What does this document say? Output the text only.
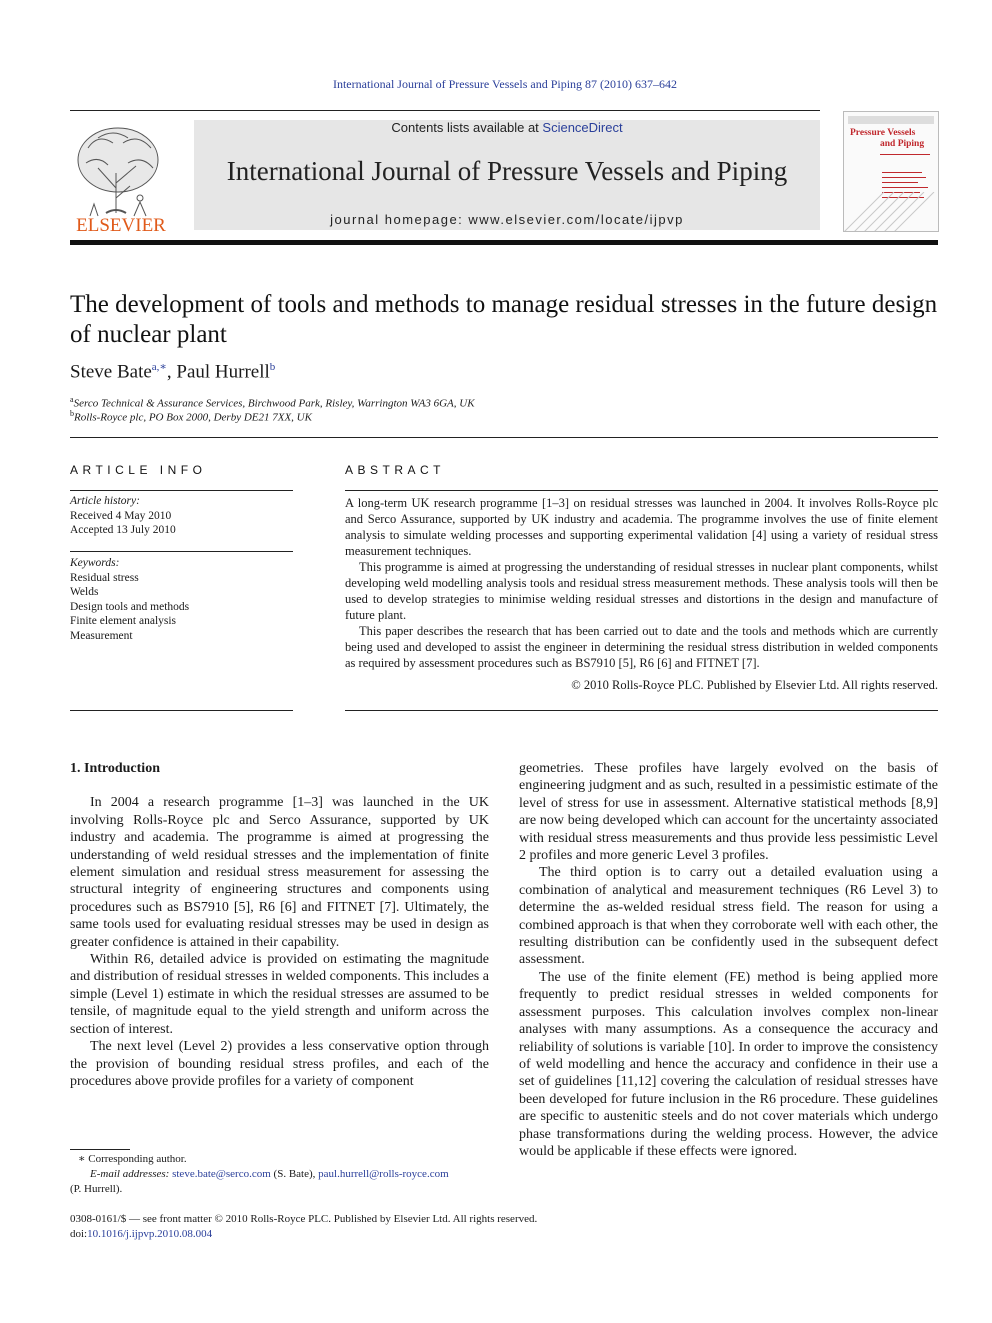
International Journal of Pressure Vessels and Piping 87 (2010) 637–642
ELSEVIER
Contents lists available at ScienceDirect
International Journal of Pressure Vessels and Piping
journal homepage: www.elsevier.com/locate/ijpvp
Pressure Vessels
and Piping
The development of tools and methods to manage residual stresses in the future design of nuclear plant
Steve Bate$^{a,∗}$, Paul Hurrell$^b$
$^a$Serco Technical & Assurance Services, Birchwood Park, Risley, Warrington WA3 6GA, UK
$^b$Rolls-Royce plc, PO Box 2000, Derby DE21 7XX, UK
ARTICLE INFO
Article history:
Received 4 May 2010
Accepted 13 July 2010
Keywords:
Residual stress
Welds
Design tools and methods
Finite element analysis
Measurement
ABSTRACT

A long-term UK research programme [1–3] on residual stresses was launched in 2004. It involves Rolls-Royce plc and Serco Assurance, supported by UK industry and academia. The programme involves the use of finite element analysis to simulate welding processes and supporting experimental validation [4] using a variety of residual stress measurement techniques.

This programme is aimed at progressing the understanding of residual stresses in nuclear plant components, whilst developing weld modelling analysis tools and residual stress measurement methods. These analysis tools will then be used to develop strategies to minimise welding residual stresses and distortions in the design and manufacture of future plant.

This paper describes the research that has been carried out to date and the tools and methods which are currently being used and developed to assist the engineer in determining the residual stress distribution in welded components as required by assessment procedures such as BS7910 [5], R6 [6] and FITNET [7].

© 2010 Rolls-Royce PLC. Published by Elsevier Ltd. All rights reserved.

1. Introduction

In 2004 a research programme [1–3] was launched in the UK involving Rolls-Royce plc and Serco Assurance, supported by UK industry and academia. The programme is aimed at progressing the understanding of weld residual stresses and the implementation of finite element simulation and residual stress measurement for assessing the structural integrity of engineering structures and components using procedures such as BS7910 [5], R6 [6] and FITNET [7]. Ultimately, the same tools used for evaluating residual stresses may be used in design as greater confidence is attained in their capability.

Within R6, detailed advice is provided on estimating the magnitude and distribution of residual stresses in welded components. This includes a simple (Level 1) estimate in which the residual stresses are assumed to be tensile, of magnitude equal to the yield strength and uniform across the section of interest.

The next level (Level 2) provides a less conservative option through the provision of bounding residual stress profiles, and each of the procedures above provide profiles for a variety of component

geometries. These profiles have largely evolved on the basis of engineering judgment and as such, resulted in a pessimistic estimate of the level of stress for use in assessment. Alternative statistical methods [8,9] are now being developed which can account for the uncertainty associated with residual stress measurements and thus provide less pessimistic Level 2 profiles and more generic Level 3 profiles.

The third option is to carry out a detailed evaluation using a combination of analytical and measurement techniques (R6 Level 3) to determine the as-welded residual stress field. The reason for using a combined approach is that when they corroborate well with each other, the resulting distribution can be confidently used in the subsequent defect assessment.

The use of the finite element (FE) method is being applied more frequently to predict residual stresses in welded components for assessment purposes. This calculation involves complex non-linear analyses with many assumptions. As a consequence the accuracy and reliability of solutions is variable [10]. In order to improve the consistency of weld modelling and hence the accuracy and confidence in their use a set of guidelines [11,12] covering the calculation of residual stresses have been developed for future inclusion in the R6 procedure. These guidelines are specific to austenitic steels and do not cover materials which undergo phase transformations during the welding process. However, the advice would be applicable if these effects were ignored.

∗ Corresponding author.
E-mail addresses: steve.bate@serco.com (S. Bate), paul.hurrell@rolls-royce.com
(P. Hurrell).
0308-0161/$ — see front matter © 2010 Rolls-Royce PLC. Published by Elsevier Ltd. All rights reserved.
doi:10.1016/j.ijpvp.2010.08.004
